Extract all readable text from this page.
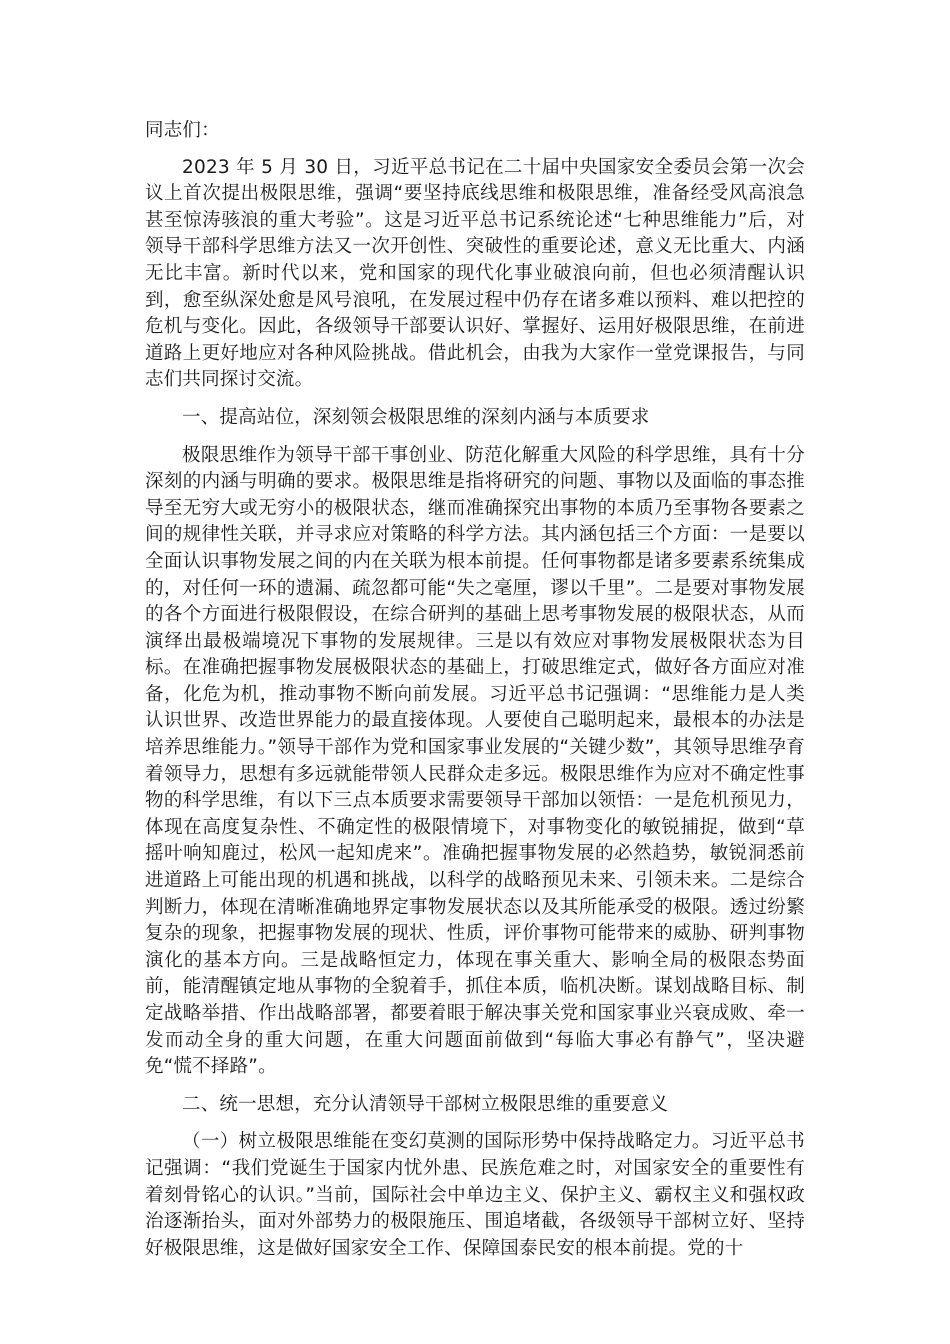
同志们：

2023 年 5 月 30 日，习近平总书记在二十届中央国家安全委员会第一次会议上首次提出极限思维，强调“要坚持底线思维和极限思维，准备经受风高浪急甚至惊涛骇浪的重大考验”。这是习近平总书记系统论述“七种思维能力”后，对领导干部科学思维方法又一次开创性、突破性的重要论述，意义无比重大、内涵无比丰富。新时代以来，党和国家的现代化事业破浪向前，但也必须清醒认识到，愈至纵深处愈是风号浪吼，在发展过程中仍存在诸多难以预料、难以把控的危机与变化。因此，各级领导干部要认识好、掌握好、运用好极限思维，在前进道路上更好地应对各种风险挑战。借此机会，由我为大家作一堂党课报告，与同志们共同探讨交流。

一、提高站位，深刻领会极限思维的深刻内涵与本质要求

极限思维作为领导干部干事创业、防范化解重大风险的科学思维，具有十分深刻的内涵与明确的要求。极限思维是指将研究的问题、事物以及面临的事态推导至无穷大或无穷小的极限状态，继而准确探究出事物的本质乃至事物各要素之间的规律性关联，并寻求应对策略的科学方法。其内涵包括三个方面：一是要以全面认识事物发展之间的内在关联为根本前提。任何事物都是诸多要素系统集成的，对任何一环的遗漏、疏忽都可能“失之毫厘，谬以千里”。二是要对事物发展的各个方面进行极限假设，在综合研判的基础上思考事物发展的极限状态，从而演绎出最极端境况下事物的发展规律。三是以有效应对事物发展极限状态为目标。在准确把握事物发展极限状态的基础上，打破思维定式，做好各方面应对准备，化危为机，推动事物不断向前发展。习近平总书记强调：“思维能力是人类认识世界、改造世界能力的最直接体现。人要使自己聪明起来，最根本的办法是培养思维能力。”领导干部作为党和国家事业发展的“关键少数”，其领导思维孕育着领导力，思想有多远就能带领人民群众走多远。极限思维作为应对不确定性事物的科学思维，有以下三点本质要求需要领导干部加以领悟：一是危机预见力，体现在高度复杂性、不确定性的极限情境下，对事物变化的敏锐捕捉，做到“草摇叶响知鹿过，松风一起知虎来”。准确把握事物发展的必然趋势，敏锐洞悉前进道路上可能出现的机遇和挑战，以科学的战略预见未来、引领未来。二是综合判断力，体现在清晰准确地界定事物发展状态以及其所能承受的极限。透过纷繁复杂的现象，把握事物发展的现状、性质，评价事物可能带来的威胁、研判事物演化的基本方向。三是战略恒定力，体现在事关重大、影响全局的极限态势面前，能清醒镇定地从事物的全貌着手，抓住本质，临机决断。谋划战略目标、制定战略举措、作出战略部署，都要着眼于解决事关党和国家事业兴衰成败、牵一发而动全身的重大问题，在重大问题面前做到“每临大事必有静气”，坚决避免“慌不择路”。

二、统一思想，充分认清领导干部树立极限思维的重要意义

（一）树立极限思维能在变幻莫测的国际形势中保持战略定力。习近平总书记强调：“我们党诞生于国家内忧外患、民族危难之时，对国家安全的重要性有着刻骨铭心的认识。”当前，国际社会中单边主义、保护主义、霸权主义和强权政治逐渐抬头，面对外部势力的极限施压、围追堵截，各级领导干部树立好、坚持好极限思维，这是做好国家安全工作、保障国泰民安的根本前提。党的十
